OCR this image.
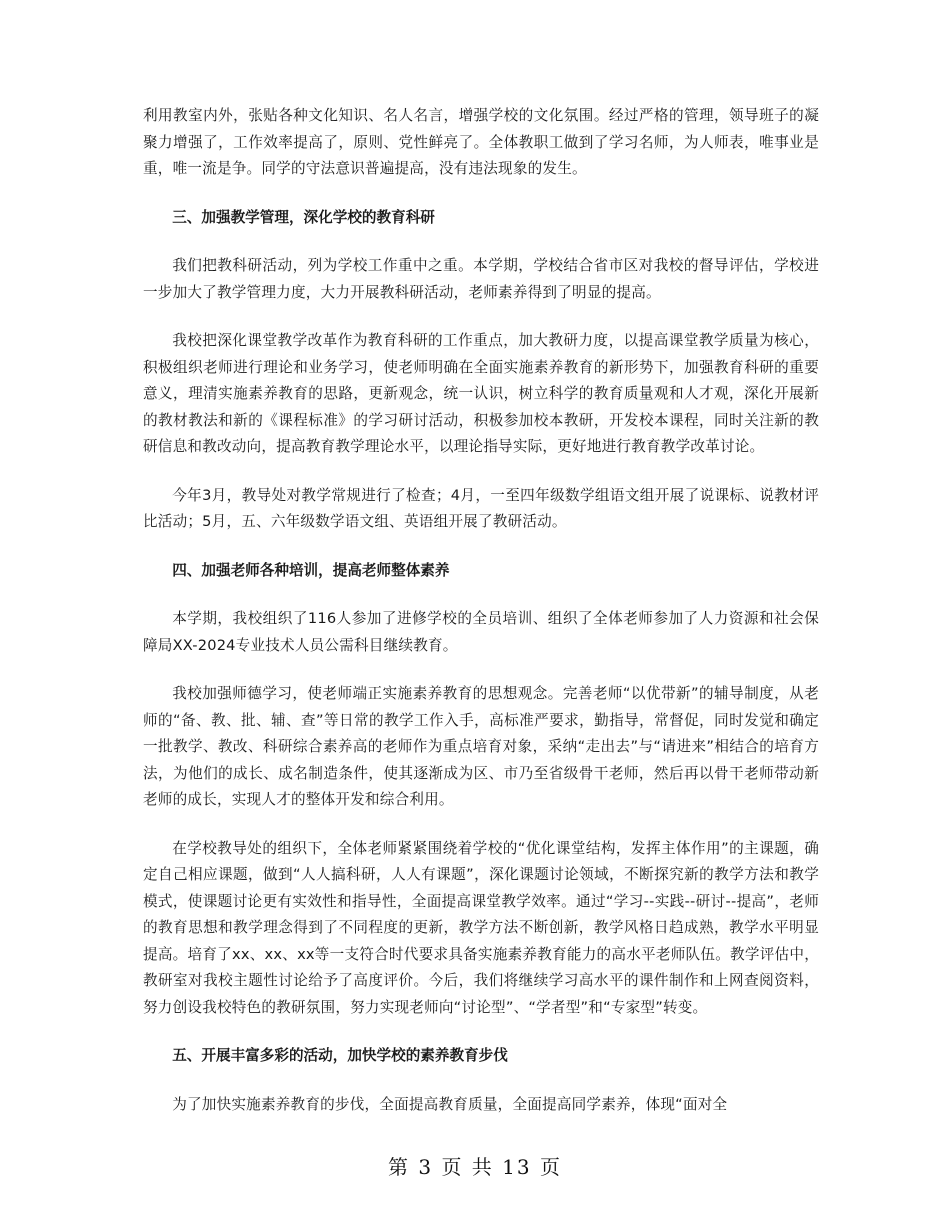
利用教室内外，张贴各种文化知识、名人名言，增强学校的文化氛围。经过严格的管理，领导班子的凝聚力增强了，工作效率提高了，原则、党性鲜亮了。全体教职工做到了学习名师，为人师表，唯事业是重，唯一流是争。同学的守法意识普遍提高，没有违法现象的发生。

三、加强教学管理，深化学校的教育科研

我们把教科研活动，列为学校工作重中之重。本学期，学校结合省市区对我校的督导评估，学校进一步加大了教学管理力度，大力开展教科研活动，老师素养得到了明显的提高。

我校把深化课堂教学改革作为教育科研的工作重点，加大教研力度，以提高课堂教学质量为核心，积极组织老师进行理论和业务学习，使老师明确在全面实施素养教育的新形势下，加强教育科研的重要意义，理清实施素养教育的思路，更新观念，统一认识，树立科学的教育质量观和人才观，深化开展新的教材教法和新的《课程标准》的学习研讨活动，积极参加校本教研，开发校本课程，同时关注新的教研信息和教改动向，提高教育教学理论水平，以理论指导实际，更好地进行教育教学改革讨论。

今年3月，教导处对教学常规进行了检查；4月，一至四年级数学组语文组开展了说课标、说教材评比活动；5月，五、六年级数学语文组、英语组开展了教研活动。

四、加强老师各种培训，提高老师整体素养

本学期，我校组织了116人参加了进修学校的全员培训、组织了全体老师参加了人力资源和社会保障局XX-2024专业技术人员公需科目继续教育。

我校加强师德学习，使老师端正实施素养教育的思想观念。完善老师“以优带新”的辅导制度，从老师的“备、教、批、辅、查”等日常的教学工作入手，高标准严要求，勤指导，常督促，同时发觉和确定一批教学、教改、科研综合素养高的老师作为重点培育对象，采纳“走出去”与“请进来”相结合的培育方法，为他们的成长、成名制造条件，使其逐渐成为区、市乃至省级骨干老师，然后再以骨干老师带动新老师的成长，实现人才的整体开发和综合利用。

在学校教导处的组织下，全体老师紧紧围绕着学校的“优化课堂结构，发挥主体作用”的主课题，确定自己相应课题，做到“人人搞科研，人人有课题”，深化课题讨论领域，不断探究新的教学方法和教学模式，使课题讨论更有实效性和指导性，全面提高课堂教学效率。通过“学习--实践--研讨--提高”，老师的教育思想和教学理念得到了不同程度的更新，教学方法不断创新，教学风格日趋成熟，教学水平明显提高。培育了xx、xx、xx等一支符合时代要求具备实施素养教育能力的高水平老师队伍。教学评估中，教研室对我校主题性讨论给予了高度评价。今后，我们将继续学习高水平的课件制作和上网查阅资料，努力创设我校特色的教研氛围，努力实现老师向“讨论型”、“学者型”和“专家型”转变。

五、开展丰富多彩的活动，加快学校的素养教育步伐

为了加快实施素养教育的步伐，全面提高教育质量，全面提高同学素养，体现“面对全

第 3 页 共 13 页
